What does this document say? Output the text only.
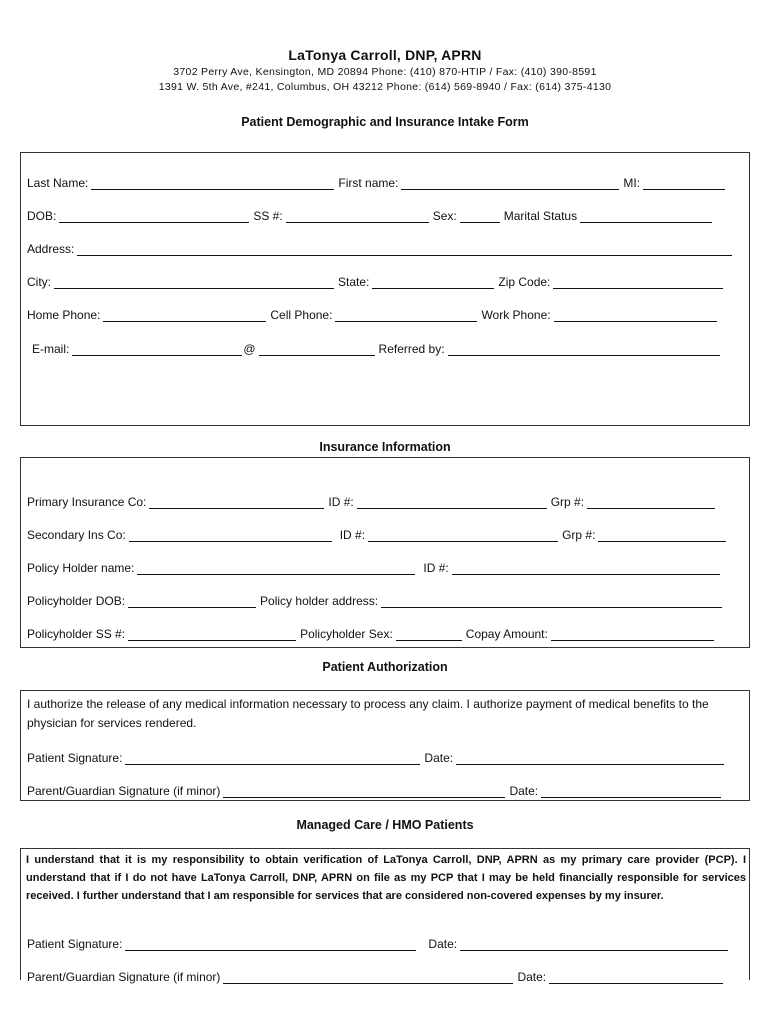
LaTonya Carroll, DNP, APRN
3702 Perry Ave, Kensington, MD 20894 Phone: (410) 870-HTIP / Fax: (410) 390-8591
1391 W. 5th Ave, #241, Columbus, OH 43212 Phone: (614) 569-8940 / Fax: (614) 375-4130
Patient Demographic and Insurance Intake Form
Last Name:	First name:	MI:
DOB:	SS #:	Sex:	Marital Status
Address:
City:	State:	Zip Code:
Home Phone:	Cell Phone:	Work Phone:
E-mail:	@	Referred by:
Insurance Information
Primary Insurance Co:	ID #:	Grp #:
Secondary Ins Co:	ID #:	Grp #:
Policy Holder name:	ID #:
Policyholder DOB:	Policy holder address:
Policyholder SS #:	Policyholder Sex:	Copay Amount:
Patient Authorization
I authorize the release of any medical information necessary to process any claim. I authorize payment of medical benefits to the physician for services rendered.
Patient Signature:	Date:
Parent/Guardian Signature (if minor)	Date:
Managed Care / HMO Patients
I understand that it is my responsibility to obtain verification of LaTonya Carroll, DNP, APRN as my primary care provider (PCP). I understand that if I do not have LaTonya Carroll, DNP, APRN on file as my PCP that I may be held financially responsible for services received. I further understand that I am responsible for services that are considered non-covered expenses by my insurer.
Patient Signature:	Date:
Parent/Guardian Signature (if minor)	Date:
